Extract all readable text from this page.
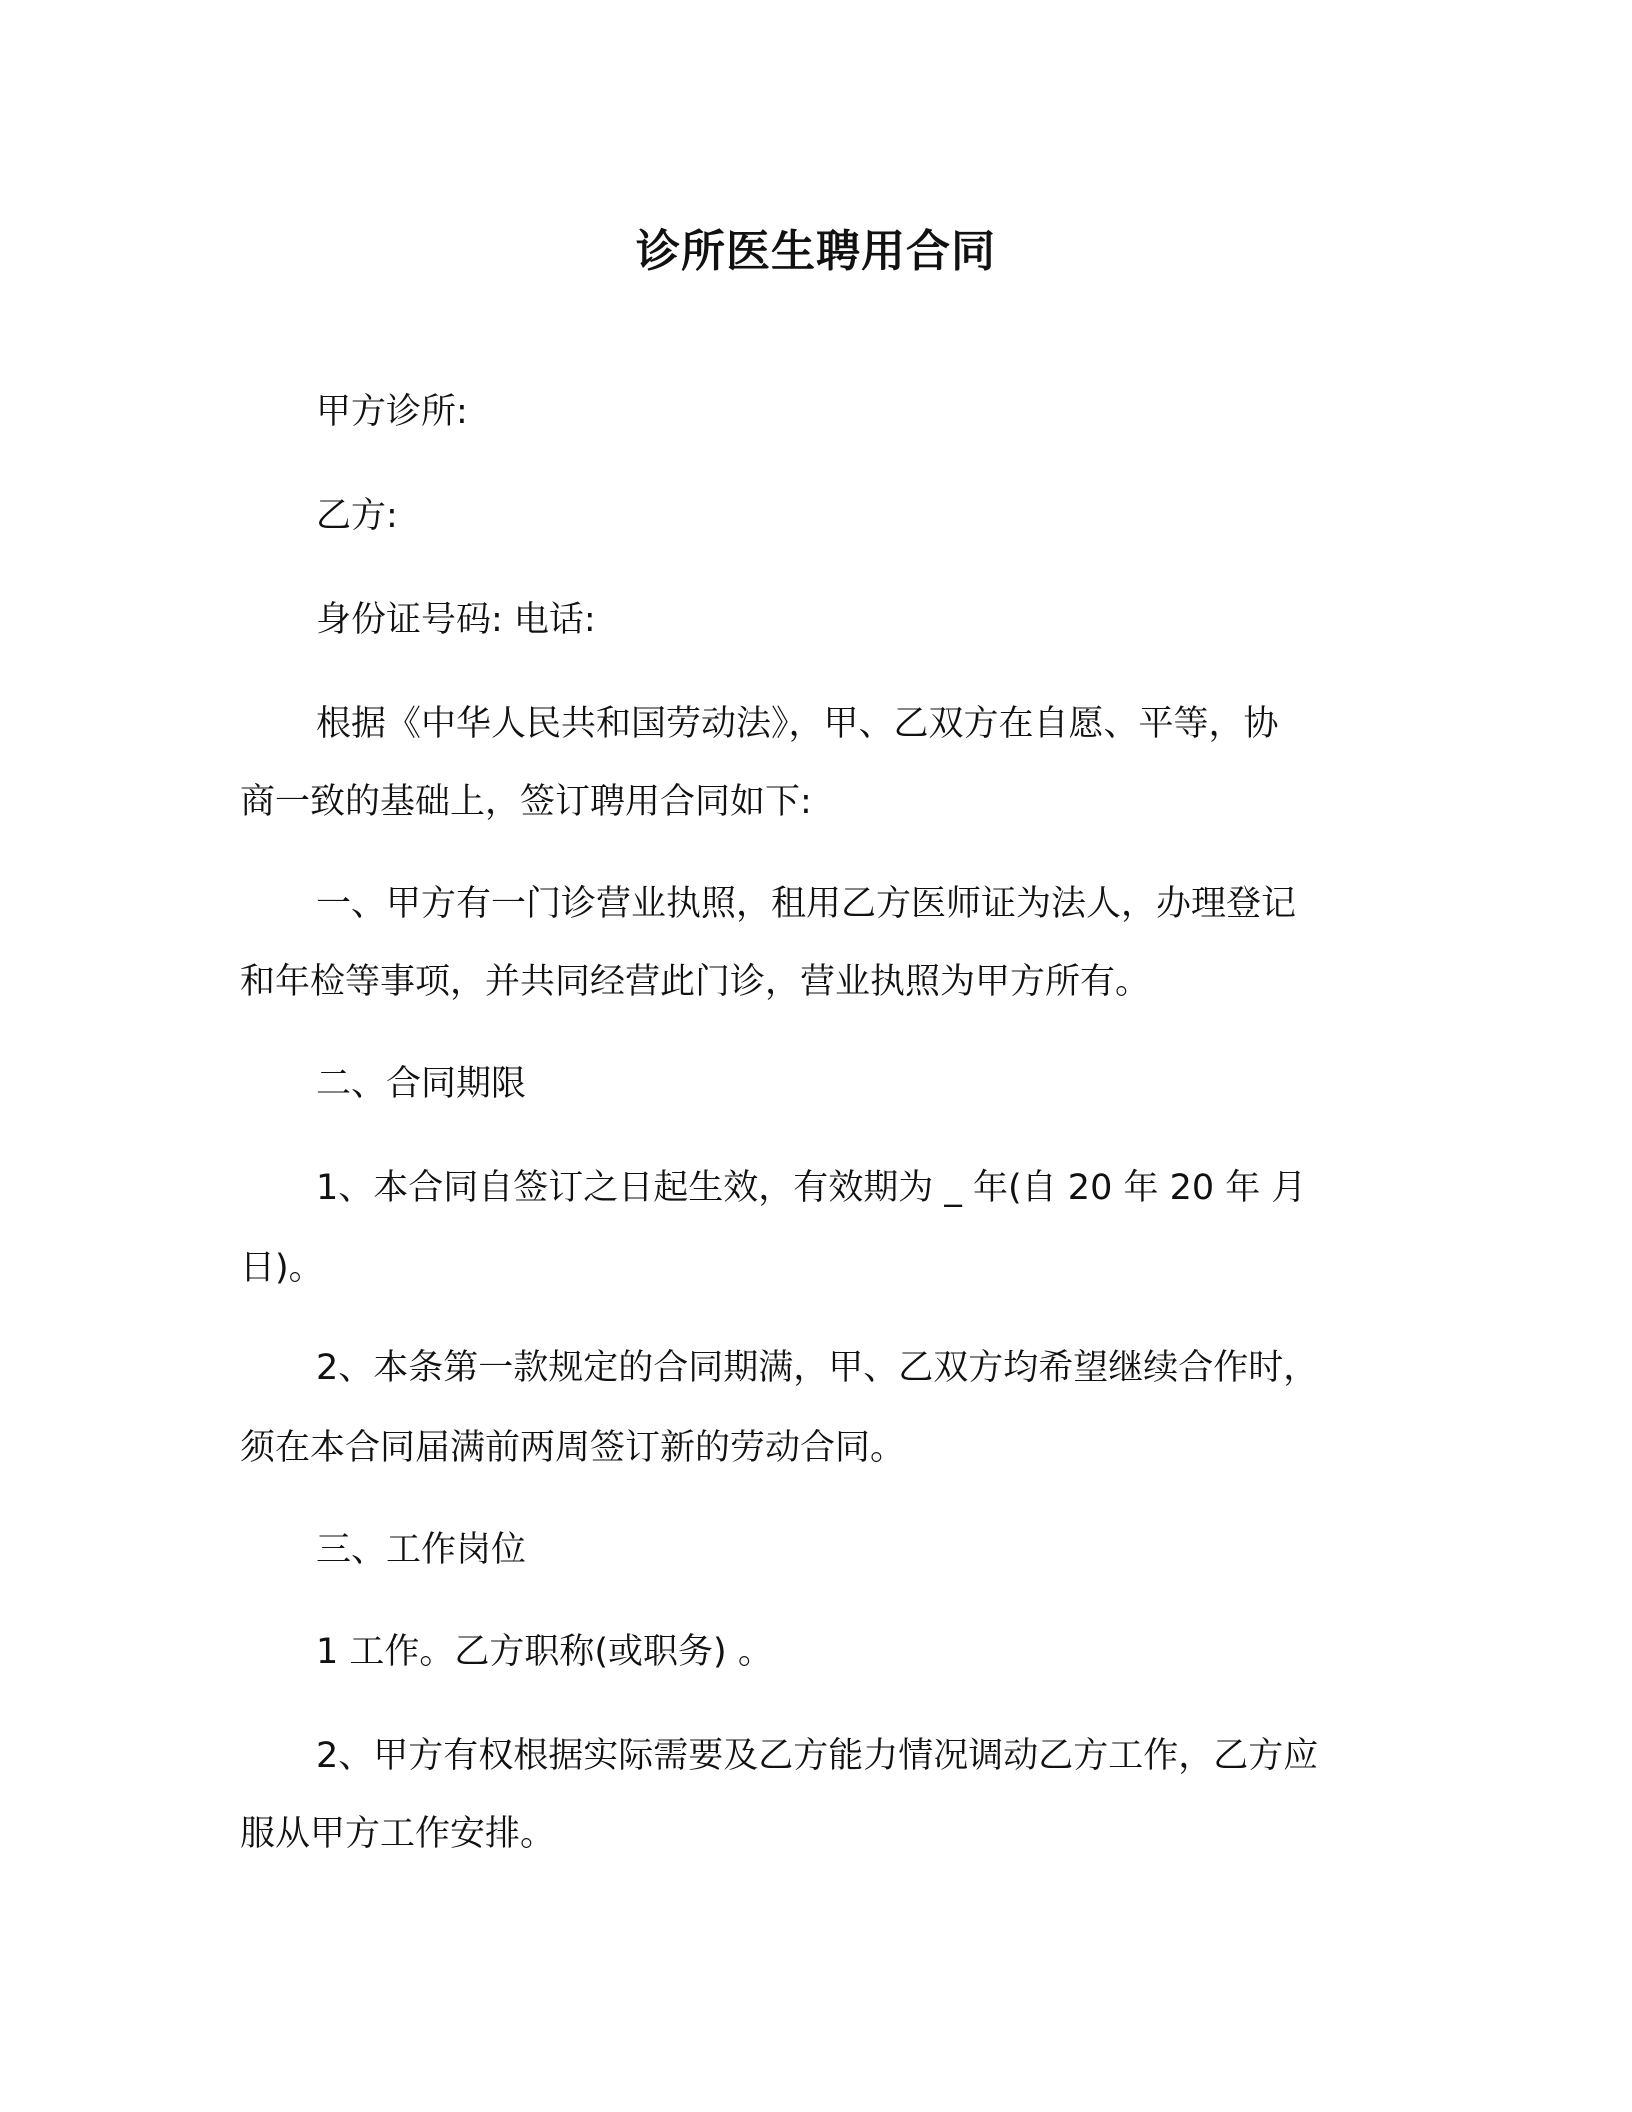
诊所医生聘用合同

甲方诊所:

乙方:

身份证号码: 电话:

根据《中华人民共和国劳动法》，甲、乙双方在自愿、平等，协

商一致的基础上，签订聘用合同如下:

一、甲方有一门诊营业执照，租用乙方医师证为法人，办理登记

和年检等事项，并共同经营此门诊，营业执照为甲方所有。

二、合同期限

1、本合同自签订之日起生效，有效期为 _ 年(自 20 年 20 年 月

日)。

2、本条第一款规定的合同期满，甲、乙双方均希望继续合作时，

须在本合同届满前两周签订新的劳动合同。

三、工作岗位

1 工作。乙方职称(或职务) 。

2、甲方有权根据实际需要及乙方能力情况调动乙方工作，乙方应

服从甲方工作安排。
